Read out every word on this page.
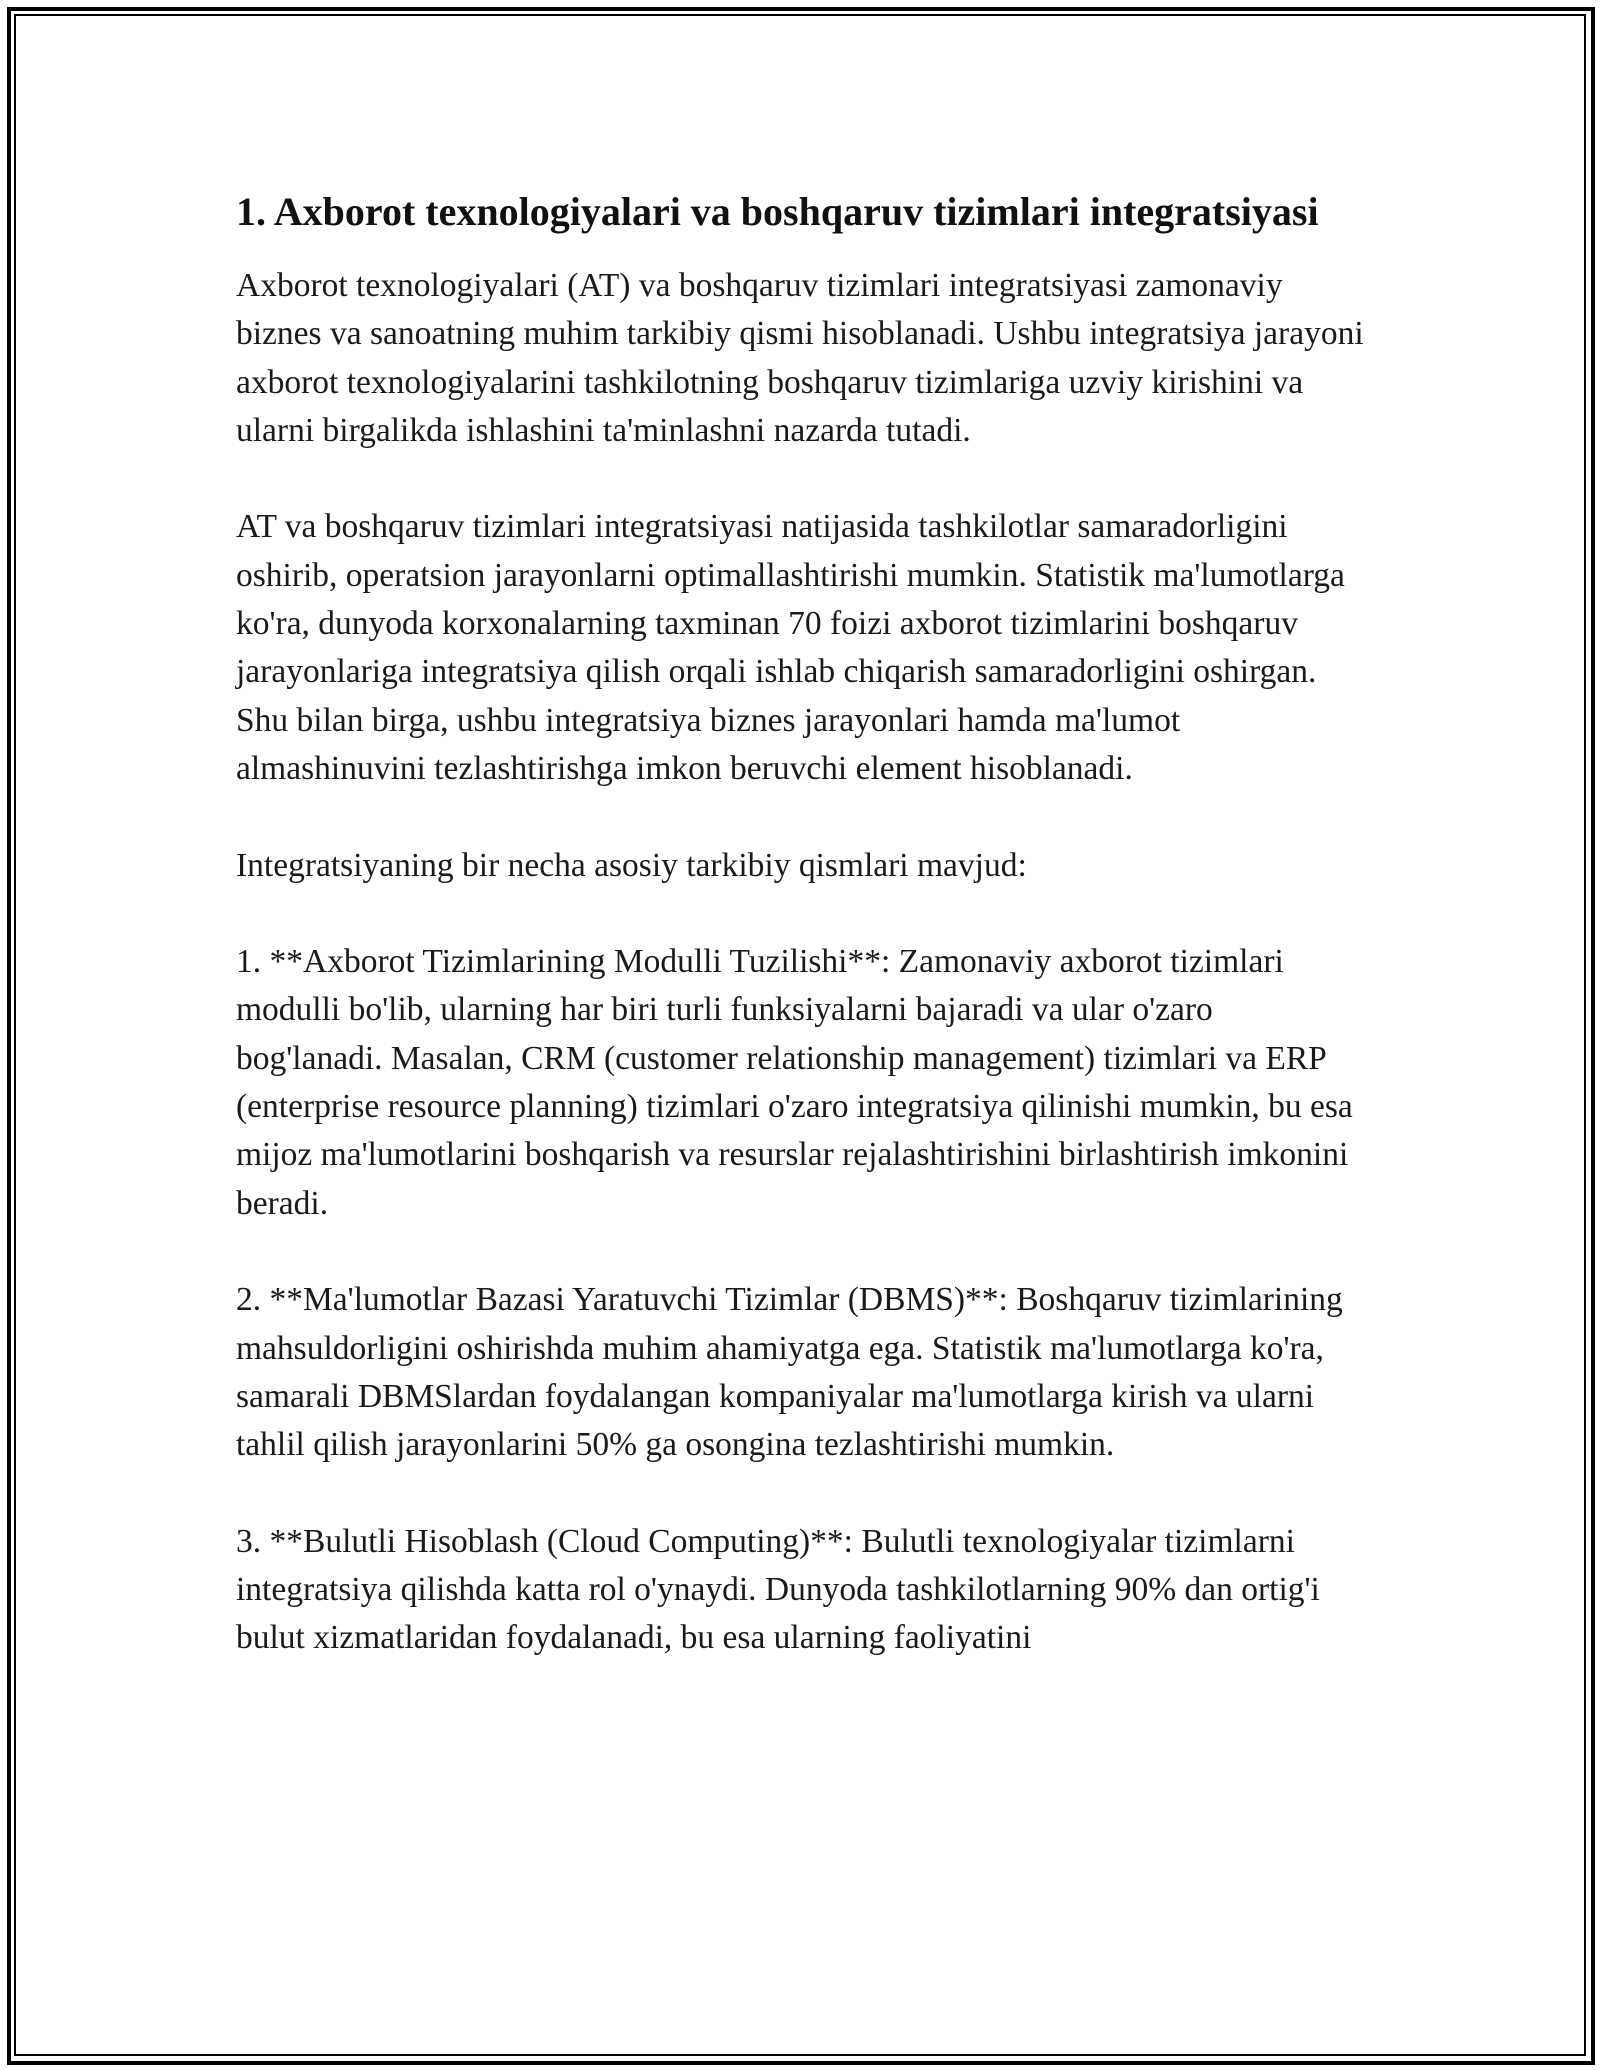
1. Axborot texnologiyalari va boshqaruv tizimlari integratsiyasi

Axborot texnologiyalari (AT) va boshqaruv tizimlari integratsiyasi zamonaviy biznes va sanoatning muhim tarkibiy qismi hisoblanadi. Ushbu integratsiya jarayoni axborot texnologiyalarini tashkilotning boshqaruv tizimlariga uzviy kirishini va ularni birgalikda ishlashini ta'minlashni nazarda tutadi.

AT va boshqaruv tizimlari integratsiyasi natijasida tashkilotlar samaradorligini oshirib, operatsion jarayonlarni optimallashtirishi mumkin. Statistik ma'lumotlarga ko'ra, dunyoda korxonalarning taxminan 70 foizi axborot tizimlarini boshqaruv jarayonlariga integratsiya qilish orqali ishlab chiqarish samaradorligini oshirgan. Shu bilan birga, ushbu integratsiya biznes jarayonlari hamda ma'lumot almashinuvini tezlashtirishga imkon beruvchi element hisoblanadi.

Integratsiyaning bir necha asosiy tarkibiy qismlari mavjud:

1. **Axborot Tizimlarining Modulli Tuzilishi**: Zamonaviy axborot tizimlari modulli bo'lib, ularning har biri turli funksiyalarni bajaradi va ular o'zaro bog'lanadi. Masalan, CRM (customer relationship management) tizimlari va ERP (enterprise resource planning) tizimlari o'zaro integratsiya qilinishi mumkin, bu esa mijoz ma'lumotlarini boshqarish va resurslar rejalashtirishini birlashtirish imkonini beradi.

2. **Ma'lumotlar Bazasi Yaratuvchi Tizimlar (DBMS)**: Boshqaruv tizimlarining mahsuldorligini oshirishda muhim ahamiyatga ega. Statistik ma'lumotlarga ko'ra, samarali DBMSlardan foydalangan kompaniyalar ma'lumotlarga kirish va ularni tahlil qilish jarayonlarini 50% ga osongina tezlashtirishi mumkin.

3. **Bulutli Hisoblash (Cloud Computing)**: Bulutli texnologiyalar tizimlarni integratsiya qilishda katta rol o'ynaydi. Dunyoda tashkilotlarning 90% dan ortig'i bulut xizmatlaridan foydalanadi, bu esa ularning faoliyatini
